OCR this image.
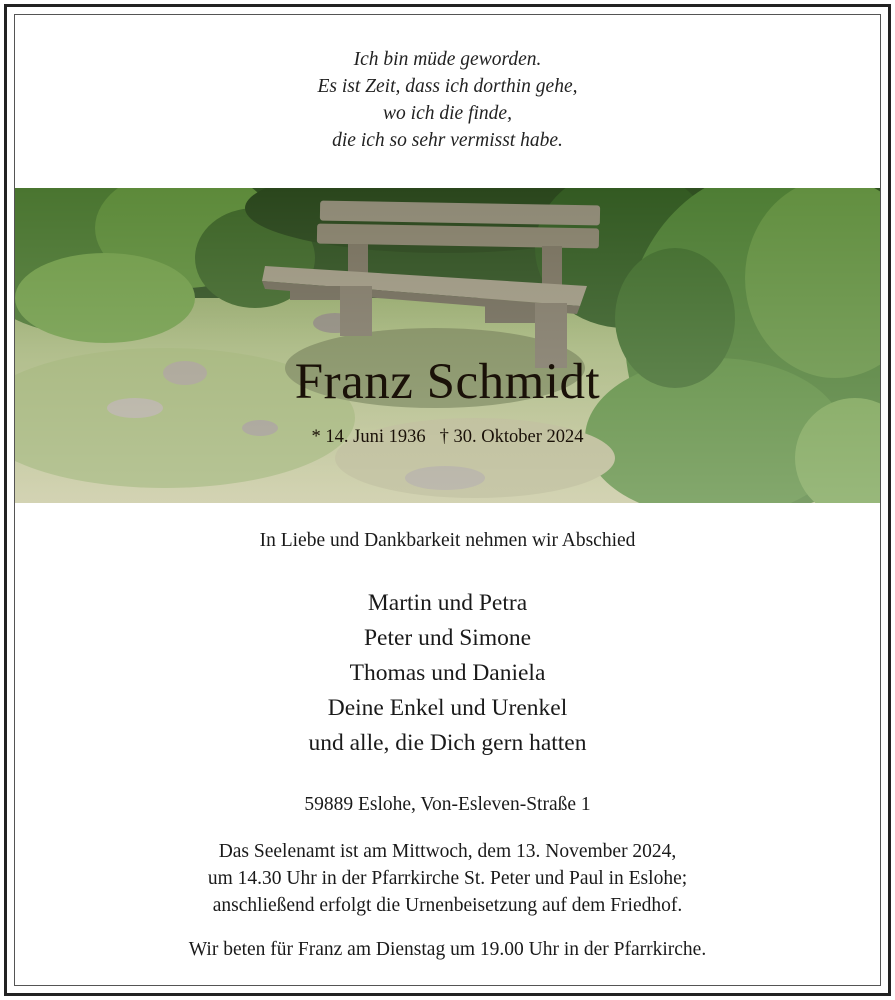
Ich bin müde geworden.
Es ist Zeit, dass ich dorthin gehe,
wo ich die finde,
die ich so sehr vermisst habe.
Franz Schmidt
* 14. Juni 1936 † 30. Oktober 2024
In Liebe und Dankbarkeit nehmen wir Abschied
Martin und Petra
Peter und Simone
Thomas und Daniela
Deine Enkel und Urenkel
und alle, die Dich gern hatten
59889 Eslohe, Von-Esleven-Straße 1
Das Seelenamt ist am Mittwoch, dem 13. November 2024,
um 14.30 Uhr in der Pfarrkirche St. Peter und Paul in Eslohe;
anschließend erfolgt die Urnenbeisetzung auf dem Friedhof.
Wir beten für Franz am Dienstag um 19.00 Uhr in der Pfarrkirche.
